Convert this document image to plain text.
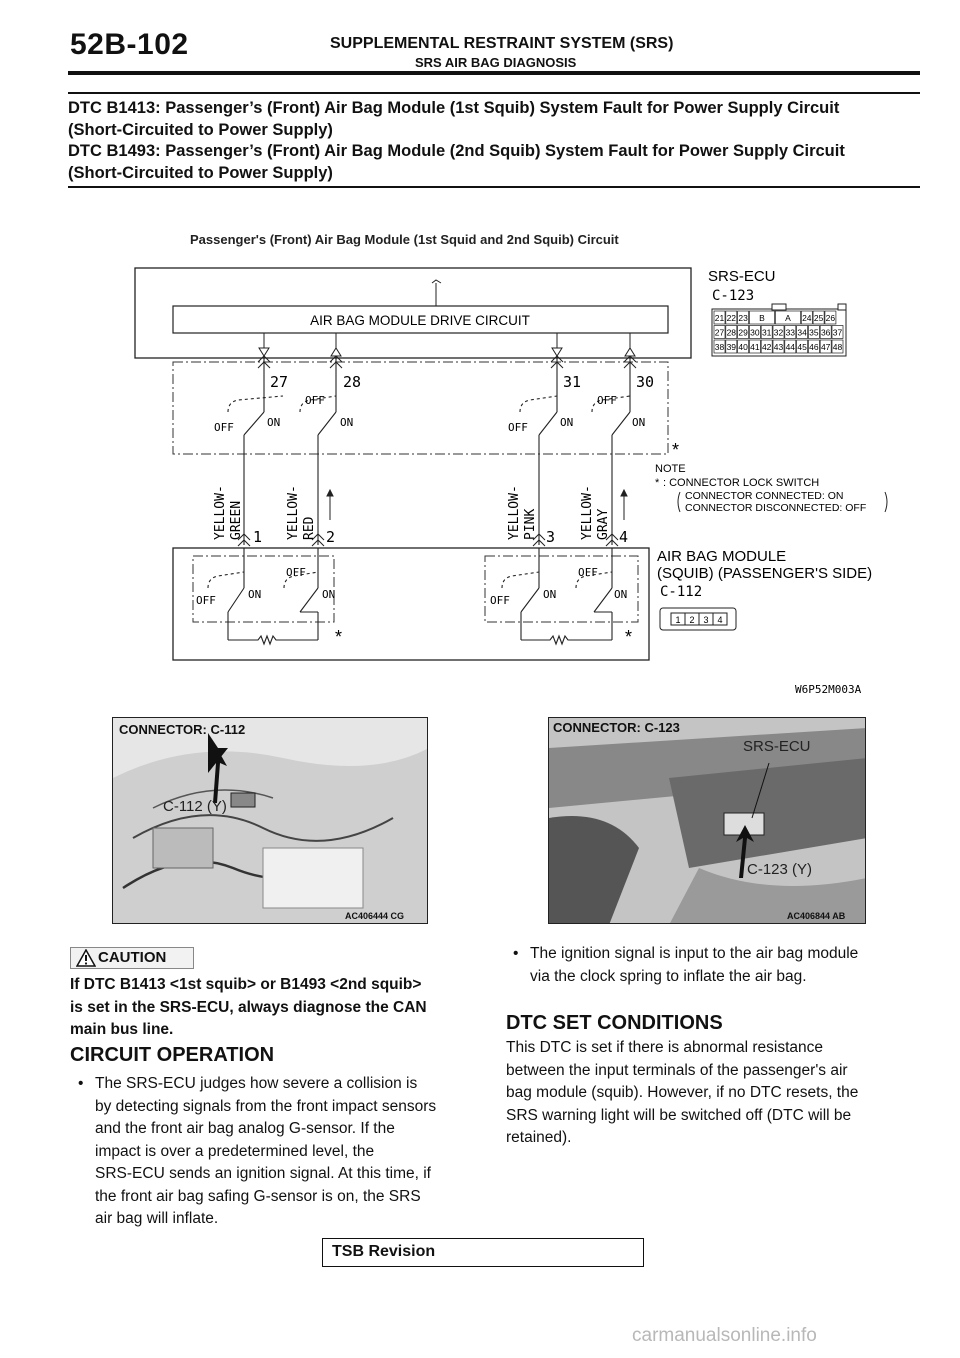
52B-102	SUPPLEMENTAL RESTRAINT SYSTEM (SRS)
SRS AIR BAG DIAGNOSIS
DTC B1413: Passenger’s (Front) Air Bag Module (1st Squib) System Fault for Power Supply Circuit
(Short-Circuited to Power Supply)
DTC B1493: Passenger’s (Front) Air Bag Module (2nd Squib) System Fault for Power Supply Circuit
(Short-Circuited to Power Supply)
Passenger's (Front) Air Bag Module (1st Squid and 2nd Squib) Circuit
AIR BAG MODULE DRIVE CIRCUIT
27	28	31	30
OFF	ON
OFF
ON	OFF	ON
OFF
ON
*
YELLOW- GREEN	YELLOW- RED	YELLOW- PINK	YELLOW- GRAY
1	2	3	4
OFF	ON
OFF
ON	OFF	ON
OFF
ON
*	*
SRS-ECU
C-123
21 22 23 B A 24 25 26
27 28 29 30 31 32 33 34 35 36 37
38 39 40 41 42 43 44 45 46 47 48
NOTE
* : CONNECTOR LOCK SWITCH
CONNECTOR CONNECTED: ON
CONNECTOR DISCONNECTED: OFF
AIR BAG MODULE
(SQUIB) (PASSENGER'S SIDE)
C-112
1 2 3 4
W6P52M003A
CONNECTOR: C-112
C-112 (Y)
AC406444 CG
CONNECTOR: C-123
SRS-ECU
C-123 (Y)
AC406844 AB
CAUTION
If DTC B1413 <1st squib> or B1493 <2nd squib>
is set in the SRS-ECU, always diagnose the CAN
main bus line.
CIRCUIT OPERATION
• The SRS-ECU judges how severe a collision is
by detecting signals from the front impact sensors
and the front air bag analog G-sensor. If the
impact is over a predetermined level, the
SRS-ECU sends an ignition signal. At this time, if
the front air bag safing G-sensor is on, the SRS
air bag will inflate.
• The ignition signal is input to the air bag module
via the clock spring to inflate the air bag.
DTC SET CONDITIONS
This DTC is set if there is abnormal resistance
between the input terminals of the passenger's air
bag module (squib). However, if no DTC resets, the
SRS warning light will be switched off (DTC will be
retained).
TSB Revision
carmanualsonline.info
